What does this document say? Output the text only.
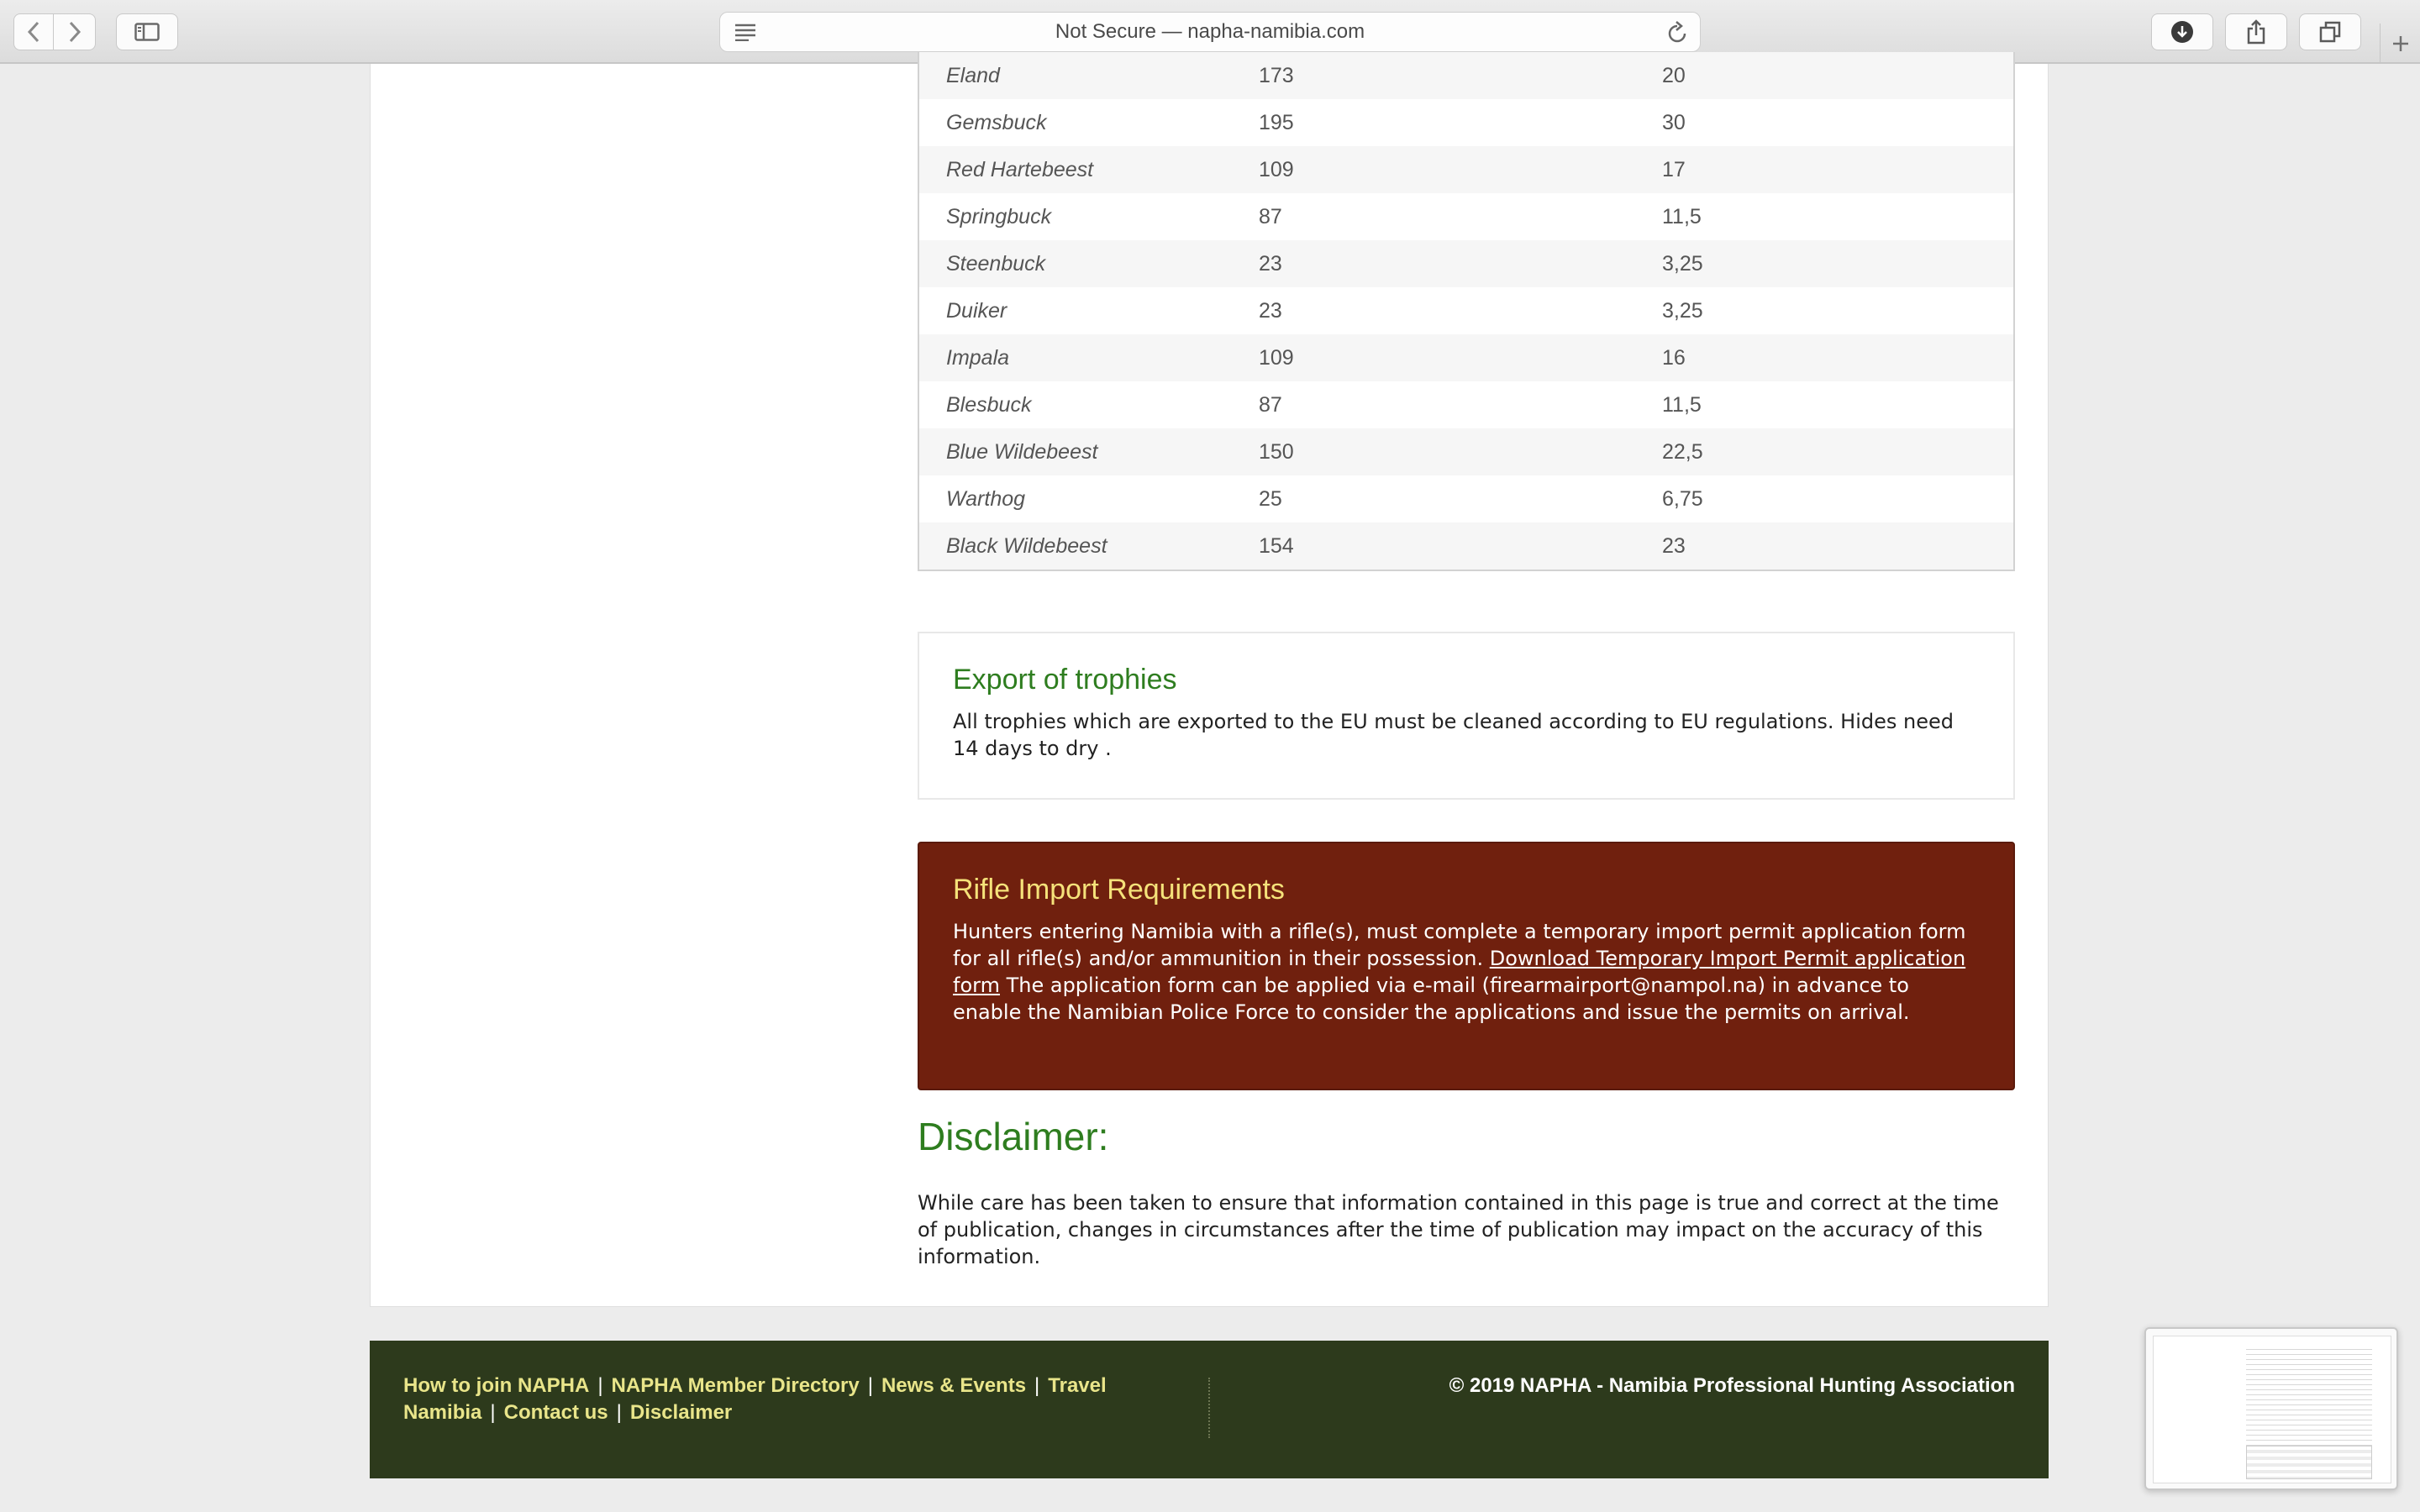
Not Secure — napha-namibia.com
Eland	173	20
Gemsbuck	195	30
Red Hartebeest	109	17
Springbuck	87	11,5
Steenbuck	23	3,25
Duiker	23	3,25
Impala	109	16
Blesbuck	87	11,5
Blue Wildebeest	150	22,5
Warthog	25	6,75
Black Wildebeest	154	23
Export of trophies
All trophies which are exported to the EU must be cleaned according to EU regulations. Hides need 14 days to dry .
Rifle Import Requirements
Hunters entering Namibia with a rifle(s), must complete a temporary import permit application form for all rifle(s) and/or ammunition in their possession. Download Temporary Import Permit application form The application form can be applied via e-mail (firearmairport@nampol.na) in advance to enable the Namibian Police Force to consider the applications and issue the permits on arrival.
Disclaimer:
While care has been taken to ensure that information contained in this page is true and correct at the time of publication, changes in circumstances after the time of publication may impact on the accuracy of this information.
How to join NAPHA | NAPHA Member Directory | News & Events | Travel Namibia | Contact us | Disclaimer
© 2019 NAPHA - Namibia Professional Hunting Association
